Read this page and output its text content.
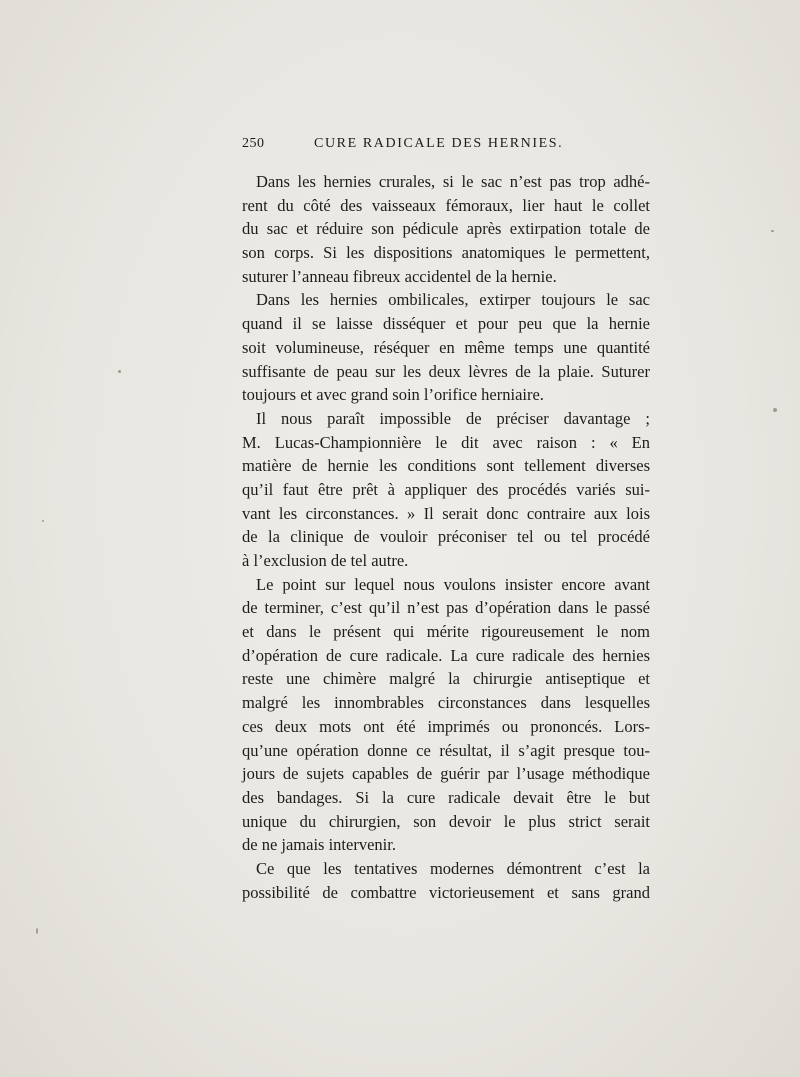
250	CURE RADICALE DES HERNIES.
Dans les hernies crurales, si le sac n’est pas trop adhé-
rent du côté des vaisseaux fémoraux, lier haut le collet
du sac et réduire son pédicule après extirpation totale de
son corps. Si les dispositions anatomiques le permettent,
suturer l’anneau fibreux accidentel de la hernie.
Dans les hernies ombilicales, extirper toujours le sac
quand il se laisse disséquer et pour peu que la hernie
soit volumineuse, réséquer en même temps une quantité
suffisante de peau sur les deux lèvres de la plaie. Suturer
toujours et avec grand soin l’orifice herniaire.
Il nous paraît impossible de préciser davantage ;
M. Lucas-Championnière le dit avec raison : « En
matière de hernie les conditions sont tellement diverses
qu’il faut être prêt à appliquer des procédés variés sui-
vant les circonstances. » Il serait donc contraire aux lois
de la clinique de vouloir préconiser tel ou tel procédé
à l’exclusion de tel autre.
Le point sur lequel nous voulons insister encore avant
de terminer, c’est qu’il n’est pas d’opération dans le passé
et dans le présent qui mérite rigoureusement le nom
d’opération de cure radicale. La cure radicale des hernies
reste une chimère malgré la chirurgie antiseptique et
malgré les innombrables circonstances dans lesquelles
ces deux mots ont été imprimés ou prononcés. Lors-
qu’une opération donne ce résultat, il s’agit presque tou-
jours de sujets capables de guérir par l’usage méthodique
des bandages. Si la cure radicale devait être le but
unique du chirurgien, son devoir le plus strict serait
de ne jamais intervenir.
Ce que les tentatives modernes démontrent c’est la
possibilité de combattre victorieusement et sans grand
